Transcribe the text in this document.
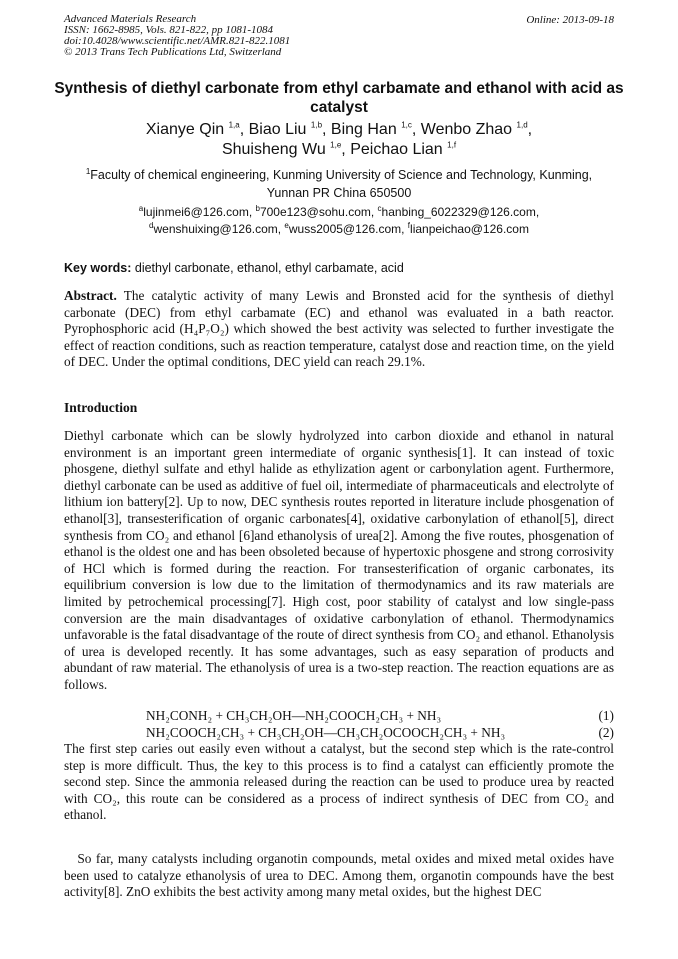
Advanced Materials Research
ISSN: 1662-8985, Vols. 821-822, pp 1081-1084
doi:10.4028/www.scientific.net/AMR.821-822.1081
© 2013 Trans Tech Publications Ltd, Switzerland
Online: 2013-09-18
Synthesis of diethyl carbonate from ethyl carbamate and ethanol with acid as catalyst
Xianye Qin $^{1,a}$, Biao Liu $^{1,b}$, Bing Han $^{1,c}$, Wenbo Zhao $^{1,d}$,
Shuisheng Wu $^{1,e}$, Peichao Lian $^{1,f}$
$^1$Faculty of chemical engineering, Kunming University of Science and Technology, Kunming,
Yunnan PR China 650500
$^a$lujinmei6@126.com, $^b$700e123@sohu.com, $^c$hanbing_6022329@126.com,
$^d$wenshuixing@126.com, $^e$wuss2005@126.com, $^f$lianpeichao@126.com
Key words: diethyl carbonate, ethanol, ethyl carbamate, acid
Abstract. The catalytic activity of many Lewis and Bronsted acid for the synthesis of diethyl carbonate (DEC) from ethyl carbamate (EC) and ethanol was evaluated in a bath reactor. Pyrophosphoric acid (H₄P₇O₂) which showed the best activity was selected to further investigate the effect of reaction conditions, such as reaction temperature, catalyst dose and reaction time, on the yield of DEC. Under the optimal conditions, DEC yield can reach 29.1%.
Introduction
Diethyl carbonate which can be slowly hydrolyzed into carbon dioxide and ethanol in natural environment is an important green intermediate of organic synthesis[1]. It can instead of toxic phosgene, diethyl sulfate and ethyl halide as ethylization agent or carbonylation agent. Furthermore, diethyl carbonate can be used as additive of fuel oil, intermediate of pharmaceuticals and electrolyte of lithium ion battery[2]. Up to now, DEC synthesis routes reported in literature include phosgenation of ethanol[3], transesterification of organic carbonates[4], oxidative carbonylation of ethanol[5], direct synthesis from CO₂ and ethanol [6]and ethanolysis of urea[2]. Among the five routes, phosgenation of ethanol is the oldest one and has been obsoleted because of hypertoxic phosgene and strong corrosivity of HCl which is formed during the reaction. For transesterification of organic carbonates, its equilibrium conversion is low due to the limitation of thermodynamics and its raw materials are limited by petrochemical processing[7]. High cost, poor stability of catalyst and low single-pass conversion are the main disadvantages of oxidative carbonylation of ethanol. Thermodynamics unfavorable is the fatal disadvantage of the route of direct synthesis from CO₂ and ethanol. Ethanolysis of urea is developed recently. It has some advantages, such as easy separation of products and abundant of raw material. The ethanolysis of urea is a two-step reaction. The reaction equations are as follows.
NH₂CONH₂ + CH₃CH₂OH—NH₂COOCH₂CH₃ + NH₃	(1)
NH₂COOCH₂CH₃ + CH₃CH₂OH—CH₃CH₂OCOOCH₂CH₃ + NH₃	(2)
The first step caries out easily even without a catalyst, but the second step which is the rate-control step is more difficult. Thus, the key to this process is to find a catalyst can efficiently promote the second step. Since the ammonia released during the reaction can be used to produce urea by reacted with CO₂, this route can be considered as a process of indirect synthesis of DEC from CO₂ and ethanol.
So far, many catalysts including organotin compounds, metal oxides and mixed metal oxides have been used to catalyze ethanolysis of urea to DEC. Among them, organotin compounds have the best activity[8]. ZnO exhibits the best activity among many metal oxides, but the highest DEC
